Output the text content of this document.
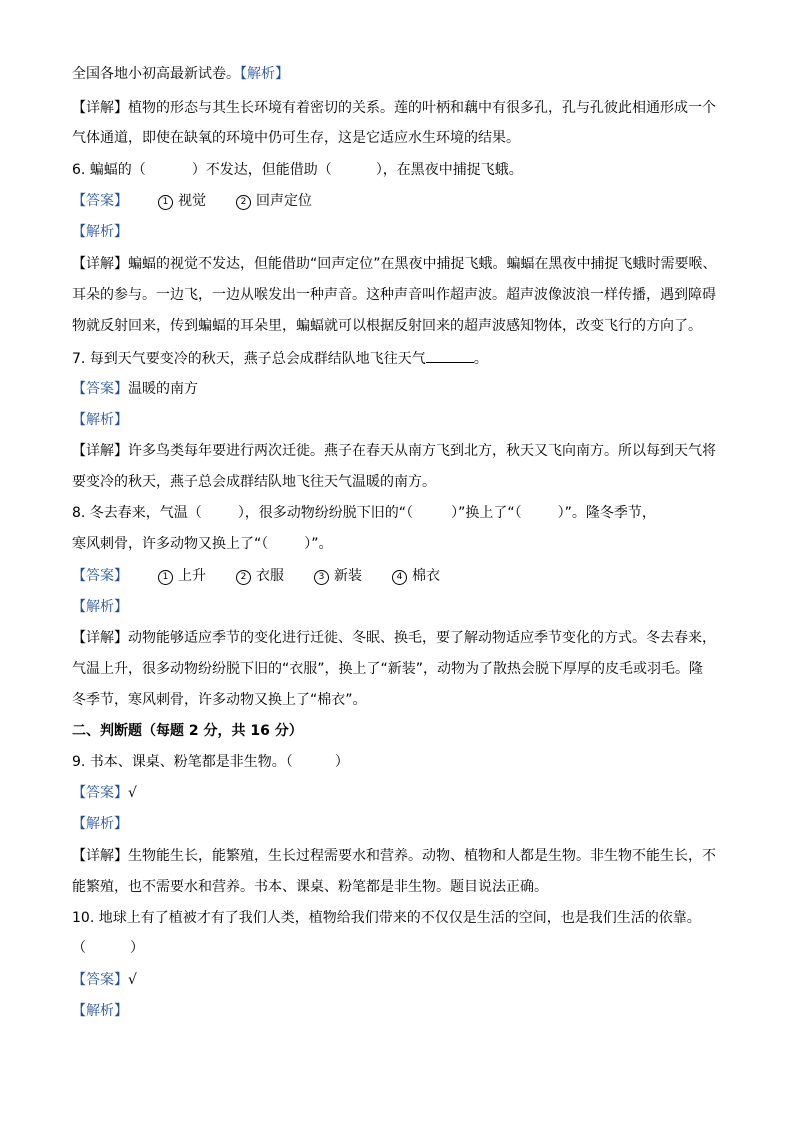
全国各地小初高最新试卷。【解析】
【详解】植物的形态与其生长环境有着密切的关系。莲的叶柄和藕中有很多孔，孔与孔彼此相通形成一个
气体通道，即使在缺氧的环境中仍可生存，这是它适应水生环境的结果。
6. 蝙蝠的（	）不发达，但能借助（	），在黑夜中捕捉飞蛾。
【答案】	1 视觉	2 回声定位
【解析】
【详解】蝙蝠的视觉不发达，但能借助“回声定位”在黑夜中捕捉飞蛾。蝙蝠在黑夜中捕捉飞蛾时需要喉、
耳朵的参与。一边飞，一边从喉发出一种声音。这种声音叫作超声波。超声波像波浪一样传播，遇到障碍
物就反射回来，传到蝙蝠的耳朵里，蝙蝠就可以根据反射回来的超声波感知物体，改变飞行的方向了。
7. 每到天气要变冷的秋天，燕子总会成群结队地飞往天气	。
【答案】温暖的南方
【解析】
【详解】许多鸟类每年要进行两次迁徙。燕子在春天从南方飞到北方，秋天又飞向南方。所以每到天气将
要变冷的秋天，燕子总会成群结队地飞往天气温暖的南方。
8. 冬去春来，气温（	），很多动物纷纷脱下旧的“（	）”换上了“（	）”。隆冬季节，
寒风刺骨，许多动物又换上了“（	）”。
【答案】	1 上升	2 衣服	3 新装	4 棉衣
【解析】
【详解】动物能够适应季节的变化进行迁徙、冬眠、换毛，要了解动物适应季节变化的方式。冬去春来，
气温上升，很多动物纷纷脱下旧的“衣服”，换上了“新装”，动物为了散热会脱下厚厚的皮毛或羽毛。隆
冬季节，寒风刺骨，许多动物又换上了“棉衣”。
二、判断题（每题 2 分，共 16 分）
9. 书本、课桌、粉笔都是非生物。（	）
【答案】√
【解析】
【详解】生物能生长，能繁殖，生长过程需要水和营养。动物、植物和人都是生物。非生物不能生长，不
能繁殖，也不需要水和营养。书本、课桌、粉笔都是非生物。题目说法正确。
10. 地球上有了植被才有了我们人类，植物给我们带来的不仅仅是生活的空间，也是我们生活的依靠。
（	）
【答案】√
【解析】
